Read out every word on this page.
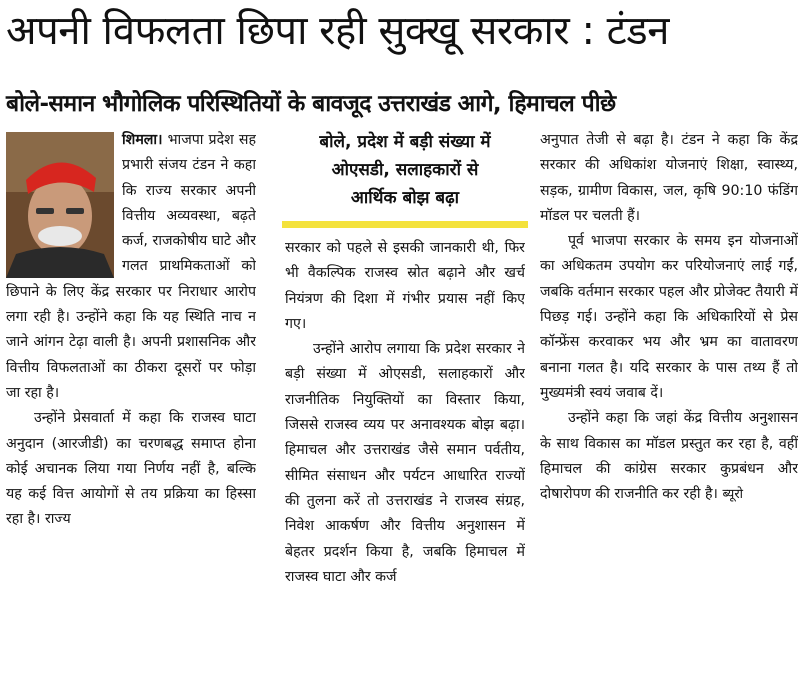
अपनी विफलता छिपा रही सुक्खू सरकार : टंडन
बोले-समान भौगोलिक परिस्थितियों के बावजूद उत्तराखंड आगे, हिमाचल पीछे

शिमला। भाजपा प्रदेश सह प्रभारी संजय टंडन ने कहा कि राज्य सरकार अपनी वित्तीय अव्यवस्था, बढ़ते कर्ज, राजकोषीय घाटे और गलत प्राथमिकताओं को छिपाने के लिए केंद्र सरकार पर निराधार आरोप लगा रही है। उन्होंने कहा कि यह स्थिति नाच न जाने आंगन टेढ़ा वाली है। अपनी प्रशासनिक और वित्तीय विफलताओं का ठीकरा दूसरों पर फोड़ा जा रहा है।

उन्होंने प्रेसवार्ता में कहा कि राजस्व घाटा अनुदान (आरजीडी) का चरणबद्ध समाप्त होना कोई अचानक लिया गया निर्णय नहीं है, बल्कि यह कई वित्त आयोगों से तय प्रक्रिया का हिस्सा रहा है। राज्य

बोले, प्रदेश में बड़ी संख्या में
ओएसडी, सलाहकारों से
आर्थिक बोझ बढ़ा

सरकार को पहले से इसकी जानकारी थी, फिर भी वैकल्पिक राजस्व स्रोत बढ़ाने और खर्च नियंत्रण की दिशा में गंभीर प्रयास नहीं किए गए।

उन्होंने आरोप लगाया कि प्रदेश सरकार ने बड़ी संख्या में ओएसडी, सलाहकारों और राजनीतिक नियुक्तियों का विस्तार किया, जिससे राजस्व व्यय पर अनावश्यक बोझ बढ़ा। हिमाचल और उत्तराखंड जैसे समान पर्वतीय, सीमित संसाधन और पर्यटन आधारित राज्यों की तुलना करें तो उत्तराखंड ने राजस्व संग्रह, निवेश आकर्षण और वित्तीय अनुशासन में बेहतर प्रदर्शन किया है, जबकि हिमाचल में राजस्व घाटा और कर्ज

अनुपात तेजी से बढ़ा है। टंडन ने कहा कि केंद्र सरकार की अधिकांश योजनाएं शिक्षा, स्वास्थ्य, सड़क, ग्रामीण विकास, जल, कृषि 90:10 फंडिंग मॉडल पर चलती हैं।

पूर्व भाजपा सरकार के समय इन योजनाओं का अधिकतम उपयोग कर परियोजनाएं लाई गईं, जबकि वर्तमान सरकार पहल और प्रोजेक्ट तैयारी में पिछड़ गई। उन्होंने कहा कि अधिकारियों से प्रेस कॉन्फ्रेंस करवाकर भय और भ्रम का वातावरण बनाना गलत है। यदि सरकार के पास तथ्य हैं तो मुख्यमंत्री स्वयं जवाब दें।

उन्होंने कहा कि जहां केंद्र वित्तीय अनुशासन के साथ विकास का मॉडल प्रस्तुत कर रहा है, वहीं हिमाचल की कांग्रेस सरकार कुप्रबंधन और दोषारोपण की राजनीति कर रही है। ब्यूरो
